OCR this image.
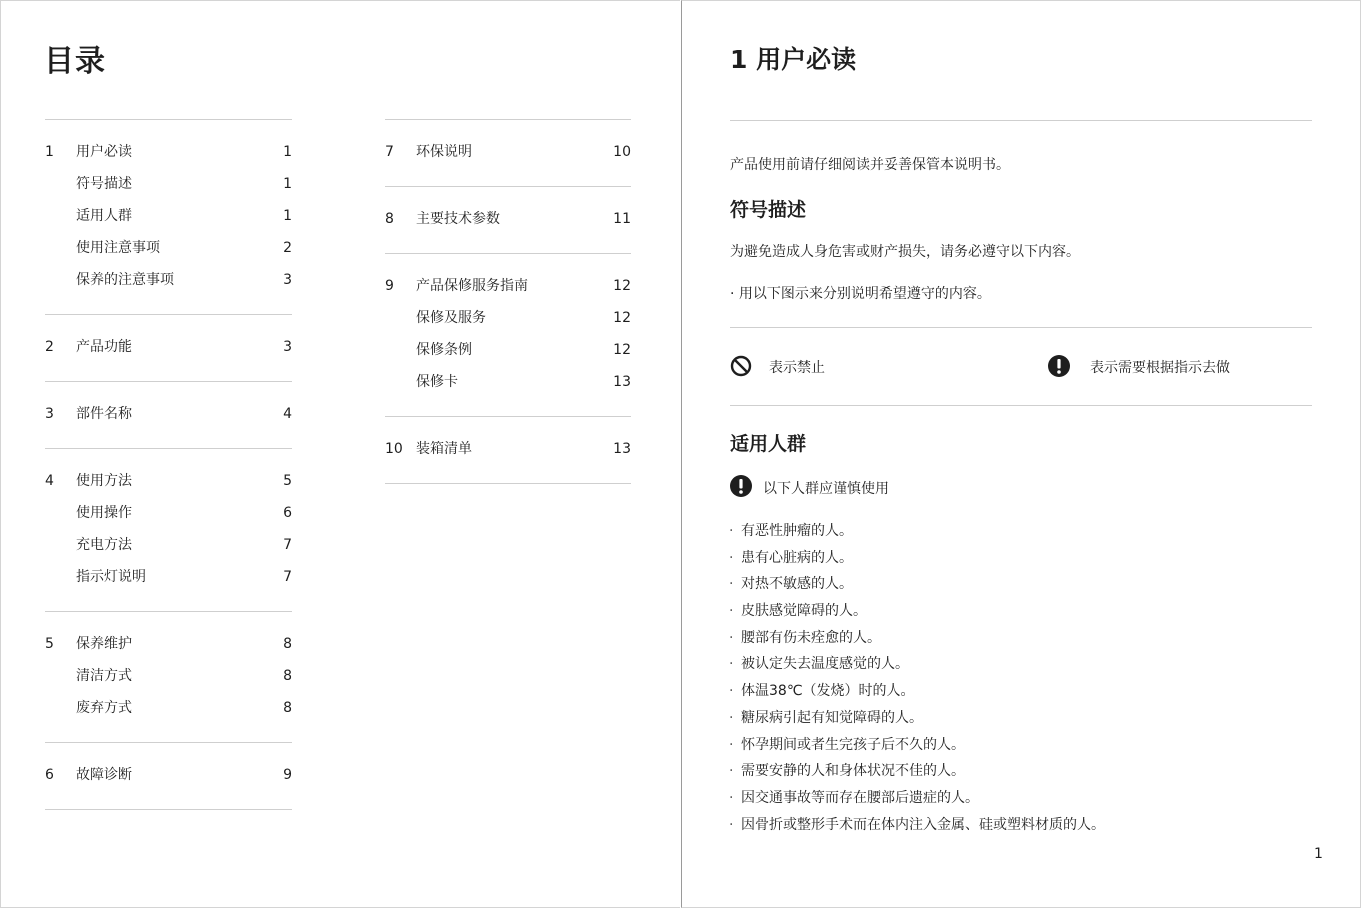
目录
1 用户必读	1
符号描述	1
适用人群	1
使用注意事项	2
保养的注意事项	3
2 产品功能	3
3 部件名称	4
4 使用方法	5
使用操作	6
充电方法	7
指示灯说明	7
5 保养维护	8
清洁方式	8
废弃方式	8
6 故障诊断	9
7 环保说明	10
8 主要技术参数	11
9 产品保修服务指南	12
保修及服务	12
保修条例	12
保修卡	13
10 装箱清单	13
1 用户必读
产品使用前请仔细阅读并妥善保管本说明书。
符号描述
为避免造成人身危害或财产损失，请务必遵守以下内容。
· 用以下图示来分别说明希望遵守的内容。
表示禁止	表示需要根据指示去做
适用人群
以下人群应谨慎使用
· 有恶性肿瘤的人。
· 患有心脏病的人。
· 对热不敏感的人。
· 皮肤感觉障碍的人。
· 腰部有伤未痊愈的人。
· 被认定失去温度感觉的人。
· 体温38℃（发烧）时的人。
· 糖尿病引起有知觉障碍的人。
· 怀孕期间或者生完孩子后不久的人。
· 需要安静的人和身体状况不佳的人。
· 因交通事故等而存在腰部后遗症的人。
· 因骨折或整形手术而在体内注入金属、硅或塑料材质的人。
1
